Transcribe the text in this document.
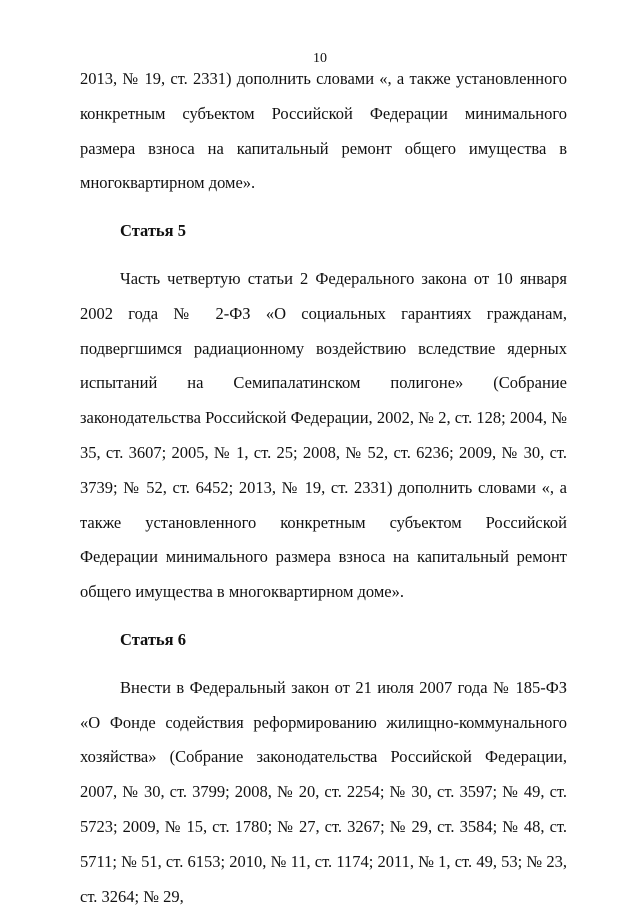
10

2013, № 19, ст. 2331) дополнить словами «, а также установленного конкретным субъектом Российской Федерации минимального размера взноса на капитальный ремонт общего имущества в многоквартирном доме».

Статья 5

Часть четвертую статьи 2 Федерального закона от 10 января 2002 года № 2-ФЗ «О социальных гарантиях гражданам, подвергшимся радиационному воздействию вследствие ядерных испытаний на Семипалатинском полигоне» (Собрание законодательства Российской Федерации, 2002, № 2, ст. 128; 2004, № 35, ст. 3607; 2005, № 1, ст. 25; 2008, № 52, ст. 6236; 2009, № 30, ст. 3739; № 52, ст. 6452; 2013, № 19, ст. 2331) дополнить словами «, а также установленного конкретным субъектом Российской Федерации минимального размера взноса на капитальный ремонт общего имущества в многоквартирном доме».

Статья 6

Внести в Федеральный закон от 21 июля 2007 года № 185-ФЗ «О Фонде содействия реформированию жилищно-коммунального хозяйства» (Собрание законодательства Российской Федерации, 2007, № 30, ст. 3799; 2008, № 20, ст. 2254; № 30, ст. 3597; № 49, ст. 5723; 2009, № 15, ст. 1780; № 27, ст. 3267; № 29, ст. 3584; № 48, ст. 5711; № 51, ст. 6153; 2010, № 11, ст. 1174; 2011, № 1, ст. 49, 53; № 23, ст. 3264; № 29,
